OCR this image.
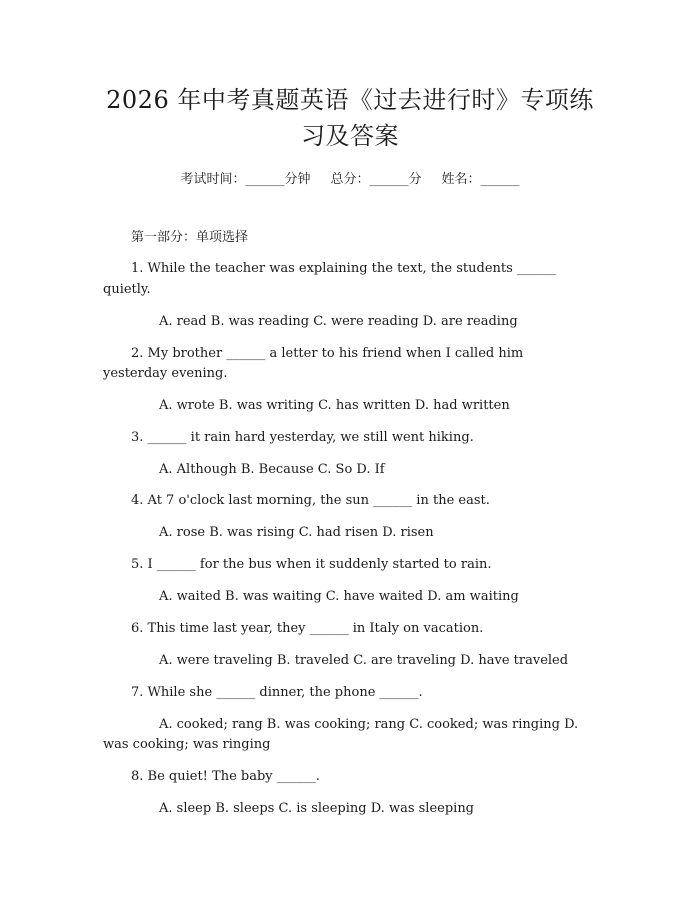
2026 年中考真题英语《过去进行时》专项练
习及答案
考试时间：______分钟 总分：______分 姓名：______
第一部分：单项选择
1. While the teacher was explaining the text, the students ______
quietly.
A. read B. was reading C. were reading D. are reading
2. My brother ______ a letter to his friend when I called him
yesterday evening.
A. wrote B. was writing C. has written D. had written
3. ______ it rain hard yesterday, we still went hiking.
A. Although B. Because C. So D. If
4. At 7 o'clock last morning, the sun ______ in the east.
A. rose B. was rising C. had risen D. risen
5. I ______ for the bus when it suddenly started to rain.
A. waited B. was waiting C. have waited D. am waiting
6. This time last year, they ______ in Italy on vacation.
A. were traveling B. traveled C. are traveling D. have traveled
7. While she ______ dinner, the phone ______.
A. cooked; rang B. was cooking; rang C. cooked; was ringing D.
was cooking; was ringing
8. Be quiet! The baby ______.
A. sleep B. sleeps C. is sleeping D. was sleeping
